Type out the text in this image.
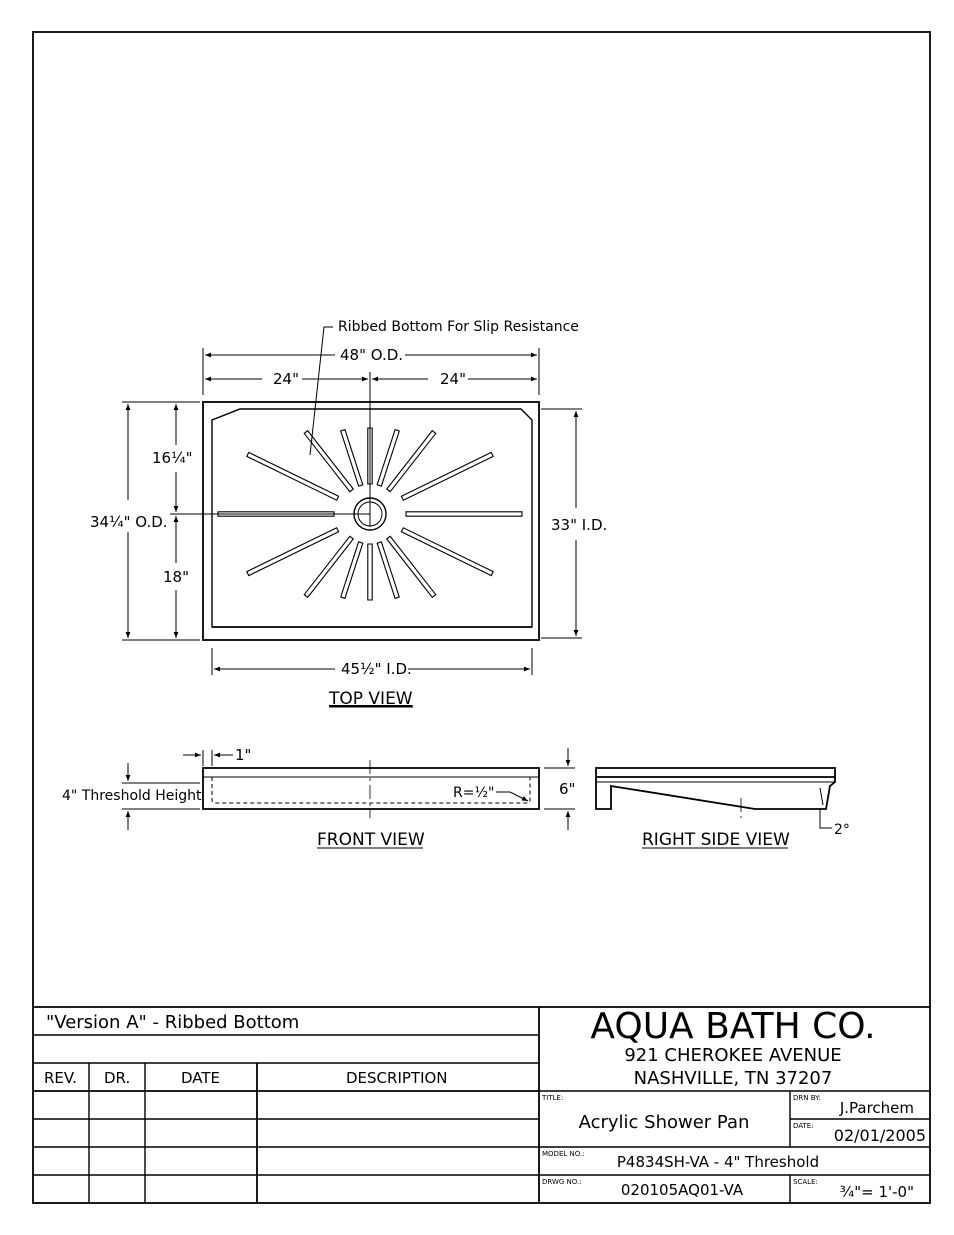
Ribbed Bottom For Slip Resistance
48" O.D.
24"	24"
34¼" O.D.
16¼"
18"
33" I.D.
45½" I.D.
TOP VIEW
1"
4" Threshold Height	R=½"	6"
FRONT VIEW	2°
RIGHT SIDE VIEW
"Version A" - Ribbed Bottom
REV. DR.	DATE	DESCRIPTION
AQUA BATH CO.
921 CHEROKEE AVENUE
NASHVILLE, TN 37207
TITLE:
Acrylic Shower Pan
DRN BY:
J.Parchem
DATE: 02/01/2005
MODEL NO.: P4834SH-VA - 4" Threshold
DRWG NO.:	020105AQ01-VA	SCALE:
¾"= 1'-0"
